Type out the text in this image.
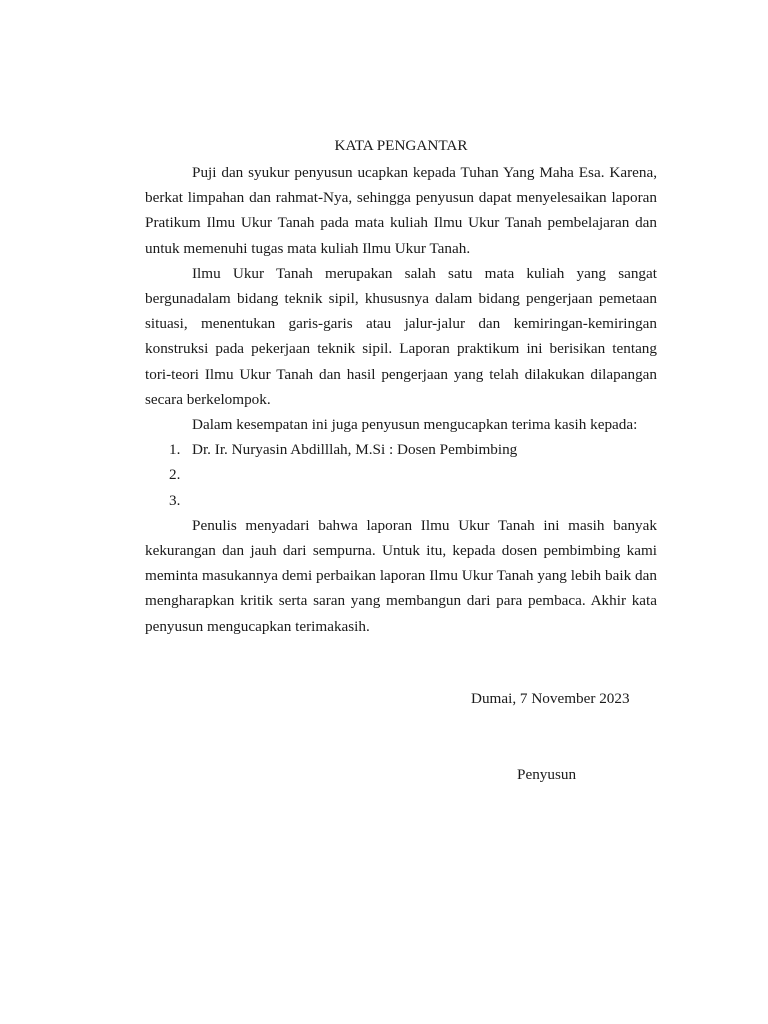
KATA PENGANTAR

Puji dan syukur penyusun ucapkan kepada Tuhan Yang Maha Esa. Karena, berkat limpahan dan rahmat-Nya, sehingga penyusun dapat menyelesaikan laporan Pratikum Ilmu Ukur Tanah pada mata kuliah Ilmu Ukur Tanah pembelajaran dan untuk memenuhi tugas mata kuliah Ilmu Ukur Tanah.

Ilmu Ukur Tanah merupakan salah satu mata kuliah yang sangat bergunadalam bidang teknik sipil, khususnya dalam bidang pengerjaan pemetaan situasi, menentukan garis-garis atau jalur-jalur dan kemiringan-kemiringan konstruksi pada pekerjaan teknik sipil. Laporan praktikum ini berisikan tentang tori-teori Ilmu Ukur Tanah dan hasil pengerjaan yang telah dilakukan dilapangan secara berkelompok.

Dalam kesempatan ini juga penyusun mengucapkan terima kasih kepada:

1. Dr. Ir. Nuryasin Abdilllah, M.Si : Dosen Pembimbing
2.
3.

Penulis menyadari bahwa laporan Ilmu Ukur Tanah ini masih banyak kekurangan dan jauh dari sempurna. Untuk itu, kepada dosen pembimbing kami meminta masukannya demi perbaikan laporan Ilmu Ukur Tanah yang lebih baik dan mengharapkan kritik serta saran yang membangun dari para pembaca. Akhir kata penyusun mengucapkan terimakasih.

Dumai, 7 November 2023
Penyusun
